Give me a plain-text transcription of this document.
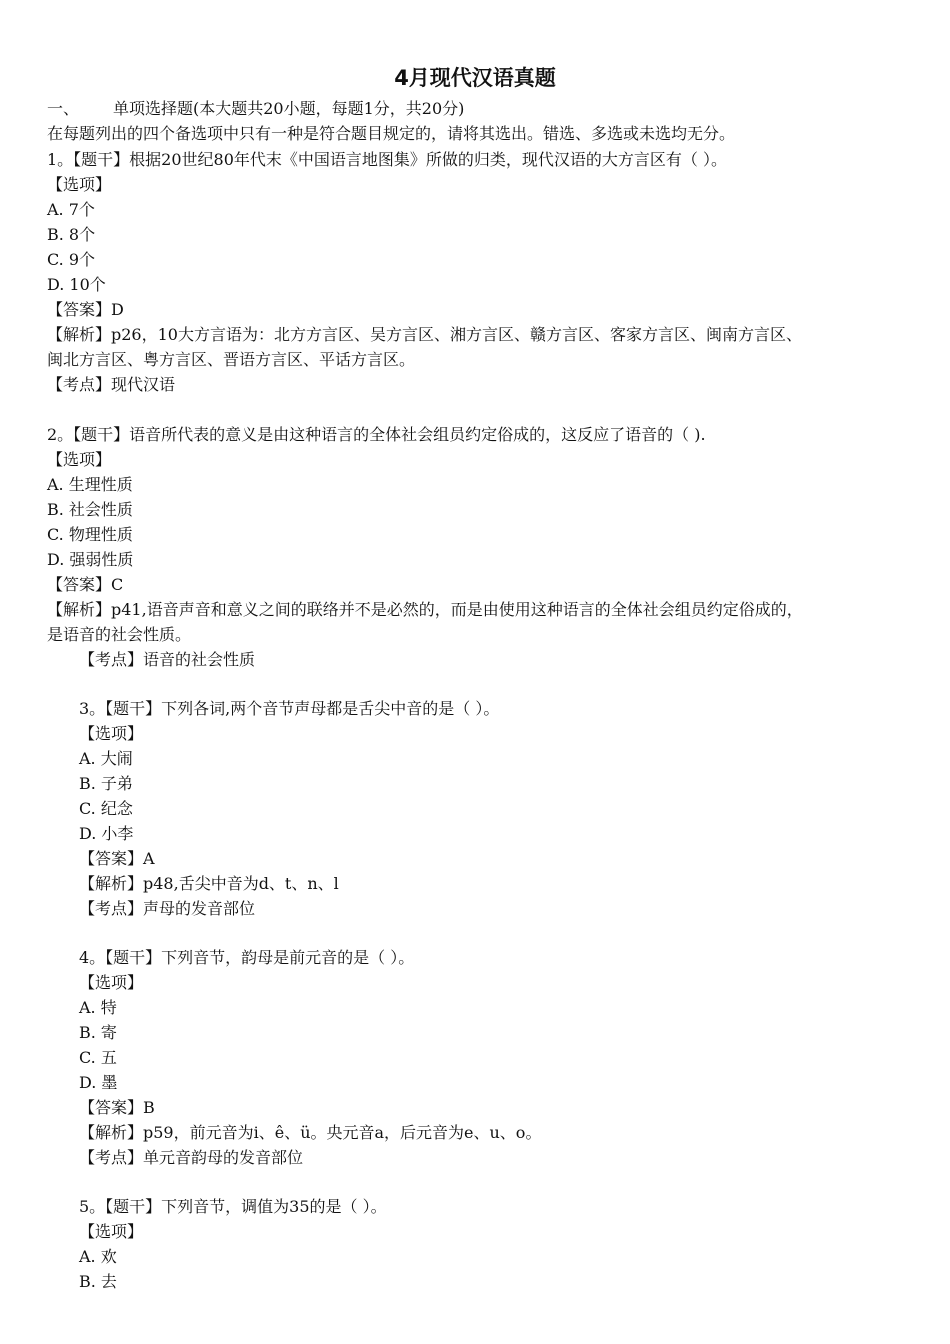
4月现代汉语真题
一、 单项选择题(本大题共20小题，每题1分，共20分)
在每题列出的四个备选项中只有一种是符合题目规定的，请将其选出。错选、多选或未选均无分。
1。【题干】根据20世纪80年代末《中国语言地图集》所做的归类，现代汉语的大方言区有（ ）。
【选项】
A. 7个
B. 8个
C. 9个
D. 10个
【答案】D
【解析】p26，10大方言语为：北方方言区、吴方言区、湘方言区、赣方言区、客家方言区、闽南方言区、
闽北方言区、粤方言区、晋语方言区、平话方言区。
【考点】现代汉语
2。【题干】语音所代表的意义是由这种语言的全体社会组员约定俗成的，这反应了语音的（ ).
【选项】
A. 生理性质
B. 社会性质
C. 物理性质
D. 强弱性质
【答案】C
【解析】p41,语音声音和意义之间的联络并不是必然的，而是由使用这种语言的全体社会组员约定俗成的，
是语音的社会性质。
【考点】语音的社会性质
3。【题干】下列各词,两个音节声母都是舌尖中音的是（ ）。
【选项】
A. 大闹
B. 子弟
C. 纪念
D. 小李
【答案】A
【解析】p48,舌尖中音为d、t、n、l
【考点】声母的发音部位
4。【题干】下列音节，韵母是前元音的是（ ）。
【选项】
A. 特
B. 寄
C. 五
D. 墨
【答案】B
【解析】p59，前元音为i、ê、ü。央元音a，后元音为e、u、o。
【考点】单元音韵母的发音部位
5。【题干】下列音节，调值为35的是（ ）。
【选项】
A. 欢
B. 去
